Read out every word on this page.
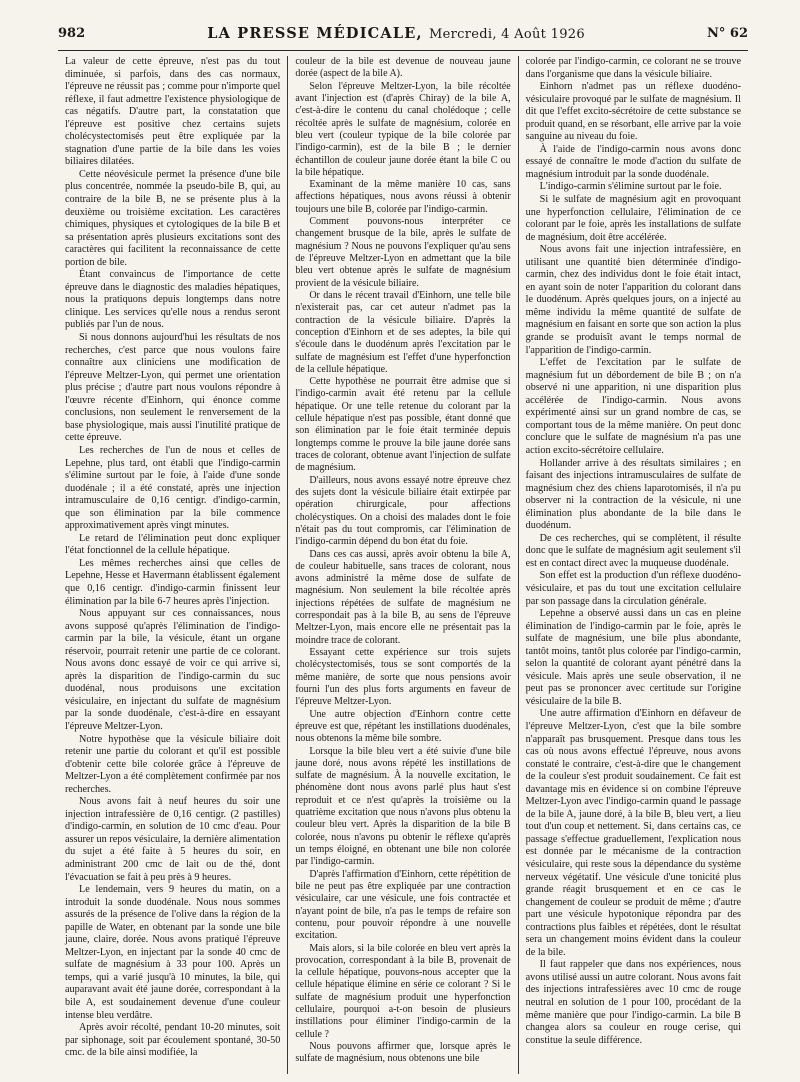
982	LA PRESSE MÉDICALE, Mercredi, 4 Août 1926	N° 62

La valeur de cette épreuve, n'est pas du tout diminuée, si parfois, dans des cas normaux, l'épreuve ne réussit pas ; comme pour n'importe quel réflexe, il faut admettre l'existence physiologique de cas négatifs. D'autre part, la constatation que l'épreuve est positive chez certains sujets cholécystectomisés peut être expliquée par la stagnation d'une partie de la bile dans les voies biliaires dilatées.

Cette néovésicule permet la présence d'une bile plus concentrée, nommée la pseudo-bile B, qui, au contraire de la bile B, ne se présente plus à la deuxième ou troisième excitation. Les caractères chimiques, physiques et cytologiques de la bile B et sa présentation après plusieurs excitations sont des caractères qui facilitent la reconnaissance de cette portion de bile.

Étant convaincus de l'importance de cette épreuve dans le diagnostic des maladies hépatiques, nous la pratiquons depuis longtemps dans notre clinique. Les services qu'elle nous a rendus seront publiés par l'un de nous.

Si nous donnons aujourd'hui les résultats de nos recherches, c'est parce que nous voulons faire connaître aux cliniciens une modification de l'épreuve Meltzer-Lyon, qui permet une orientation plus précise ; d'autre part nous voulons répondre à l'œuvre récente d'Einhorn, qui énonce comme conclusions, non seulement le renversement de la base physiologique, mais aussi l'inutilité pratique de cette épreuve.

Les recherches de l'un de nous et celles de Lepehne, plus tard, ont établi que l'indigo-carmin s'élimine surtout par le foie, à l'aide d'une sonde duodénale ; il a été constaté, après une injection intramusculaire de 0,16 centigr. d'indigo-carmin, que son élimination par la bile commence approximativement après vingt minutes.

Le retard de l'élimination peut donc expliquer l'état fonctionnel de la cellule hépatique.

Les mêmes recherches ainsi que celles de Lepehne, Hesse et Havermann établissent également que 0,16 centigr. d'indigo-carmin finissent leur élimination par la bile 6-7 heures après l'injection.

Nous appuyant sur ces connaissances, nous avons supposé qu'après l'élimination de l'indigo-carmin par la bile, la vésicule, étant un organe réservoir, pourrait retenir une partie de ce colorant. Nous avons donc essayé de voir ce qui arrive si, après la disparition de l'indigo-carmin du suc duodénal, nous produisons une excitation vésiculaire, en injectant du sulfate de magnésium par la sonde duodénale, c'est-à-dire en essayant l'épreuve Meltzer-Lyon.

Notre hypothèse que la vésicule biliaire doit retenir une partie du colorant et qu'il est possible d'obtenir cette bile colorée grâce à l'épreuve de Meltzer-Lyon a été complètement confirmée par nos recherches.

Nous avons fait à neuf heures du soir une injection intrafessière de 0,16 centigr. (2 pastilles) d'indigo-carmin, en solution de 10 cmc d'eau. Pour assurer un repos vésiculaire, la dernière alimentation du sujet a été faite à 5 heures du soir, en administrant 200 cmc de lait ou de thé, dont l'évacuation se fait à peu près à 9 heures.

Le lendemain, vers 9 heures du matin, on a introduit la sonde duodénale. Nous nous sommes assurés de la présence de l'olive dans la région de la papille de Water, en obtenant par la sonde une bile jaune, claire, dorée. Nous avons pratiqué l'épreuve Meltzer-Lyon, en injectant par la sonde 40 cmc de sulfate de magnésium à 33 pour 100. Après un temps, qui a varié jusqu'à 10 minutes, la bile, qui auparavant avait été jaune dorée, correspondant à la bile A, est soudainement devenue d'une couleur intense bleu verdâtre.

Après avoir récolté, pendant 10-20 minutes, soit par siphonage, soit par écoulement spontané, 30-50 cmc. de la bile ainsi modifiée, la

couleur de la bile est devenue de nouveau jaune dorée (aspect de la bile A).

Selon l'épreuve Meltzer-Lyon, la bile récoltée avant l'injection est (d'après Chiray) de la bile A, c'est-à-dire le contenu du canal cholédoque ; celle récoltée après le sulfate de magnésium, colorée en bleu vert (couleur typique de la bile colorée par l'indigo-carmin), est de la bile B ; le dernier échantillon de couleur jaune dorée étant la bile C ou la bile hépatique.

Examinant de la même manière 10 cas, sans affections hépatiques, nous avons réussi à obtenir toujours une bile B, colorée par l'indigo-carmin.

Comment pouvons-nous interpréter ce changement brusque de la bile, après le sulfate de magnésium ? Nous ne pouvons l'expliquer qu'au sens de l'épreuve Meltzer-Lyon en admettant que la bile bleu vert obtenue après le sulfate de magnésium provient de la vésicule biliaire.

Or dans le récent travail d'Einhorn, une telle bile n'existerait pas, car cet auteur n'admet pas la contraction de la vésicule biliaire. D'après la conception d'Einhorn et de ses adeptes, la bile qui s'écoule dans le duodénum après l'excitation par le sulfate de magnésium est l'effet d'une hyperfonction de la cellule hépatique.

Cette hypothèse ne pourrait être admise que si l'indigo-carmin avait été retenu par la cellule hépatique. Or une telle retenue du colorant par la cellule hépatique n'est pas possible, étant donné que son élimination par le foie était terminée depuis longtemps comme le prouve la bile jaune dorée sans traces de colorant, obtenue avant l'injection de sulfate de magnésium.

D'ailleurs, nous avons essayé notre épreuve chez des sujets dont la vésicule biliaire était extirpée par opération chirurgicale, pour affections cholécystiques. On a choisi des malades dont le foie n'était pas du tout compromis, car l'élimination de l'indigo-carmin dépend du bon état du foie.

Dans ces cas aussi, après avoir obtenu la bile A, de couleur habituelle, sans traces de colorant, nous avons administré la même dose de sulfate de magnésium. Non seulement la bile récoltée après injections répétées de sulfate de magnésium ne correspondait pas à la bile B, au sens de l'épreuve Meltzer-Lyon, mais encore elle ne présentait pas la moindre trace de colorant.

Essayant cette expérience sur trois sujets cholécystectomisés, tous se sont comportés de la même manière, de sorte que nous pensions avoir fourni l'un des plus forts arguments en faveur de l'épreuve Meltzer-Lyon.

Une autre objection d'Einhorn contre cette épreuve est que, répétant les instillations duodénales, nous obtenons la même bile sombre.

Lorsque la bile bleu vert a été suivie d'une bile jaune doré, nous avons répété les instillations de sulfate de magnésium. À la nouvelle excitation, le phénomène dont nous avons parlé plus haut s'est reproduit et ce n'est qu'après la troisième ou la quatrième excitation que nous n'avons plus obtenu la couleur bleu vert. Après la disparition de la bile B colorée, nous n'avons pu obtenir le réflexe qu'après un temps éloigné, en obtenant une bile non colorée par l'indigo-carmin.

D'après l'affirmation d'Einhorn, cette répétition de bile ne peut pas être expliquée par une contraction vésiculaire, car une vésicule, une fois contractée et n'ayant point de bile, n'a pas le temps de refaire son contenu, pour pouvoir répondre à une nouvelle excitation.

Mais alors, si la bile colorée en bleu vert après la provocation, correspondant à la bile B, provenait de la cellule hépatique, pouvons-nous accepter que la cellule hépatique élimine en série ce colorant ? Si le sulfate de magnésium produit une hyperfonction cellulaire, pourquoi a-t-on besoin de plusieurs instillations pour éliminer l'indigo-carmin de la cellule ?

Nous pouvons affirmer que, lorsque après le sulfate de magnésium, nous obtenons une bile

colorée par l'indigo-carmin, ce colorant ne se trouve dans l'organisme que dans la vésicule biliaire.

Einhorn n'admet pas un réflexe duodéno-vésiculaire provoqué par le sulfate de magnésium. Il dit que l'effet excito-sécrétoire de cette substance se produit quand, en se résorbant, elle arrive par la voie sanguine au niveau du foie.

À l'aide de l'indigo-carmin nous avons donc essayé de connaître le mode d'action du sulfate de magnésium introduit par la sonde duodénale.

L'indigo-carmin s'élimine surtout par le foie.

Si le sulfate de magnésium agit en provoquant une hyperfonction cellulaire, l'élimination de ce colorant par le foie, après les installations de sulfate de magnésium, doit être accélérée.

Nous avons fait une injection intrafessière, en utilisant une quantité bien déterminée d'indigo-carmin, chez des individus dont le foie était intact, en ayant soin de noter l'apparition du colorant dans le duodénum. Après quelques jours, on a injecté au même individu la même quantité de sulfate de magnésium en faisant en sorte que son action la plus grande se produisît avant le temps normal de l'apparition de l'indigo-carmin.

L'effet de l'excitation par le sulfate de magnésium fut un débordement de bile B ; on n'a observé ni une apparition, ni une disparition plus accélérée de l'indigo-carmin. Nous avons expérimenté ainsi sur un grand nombre de cas, se comportant tous de la même manière. On peut donc conclure que le sulfate de magnésium n'a pas une action excito-sécrétoire cellulaire.

Hollander arrive à des résultats similaires ; en faisant des injections intramusculaires de sulfate de magnésium chez des chiens laparotomisés, il n'a pu observer ni la contraction de la vésicule, ni une élimination plus abondante de la bile dans le duodénum.

De ces recherches, qui se complètent, il résulte donc que le sulfate de magnésium agit seulement s'il est en contact direct avec la muqueuse duodénale.

Son effet est la production d'un réflexe duodéno-vésiculaire, et pas du tout une excitation cellulaire par son passage dans la circulation générale.

Lepehne a observé aussi dans un cas en pleine élimination de l'indigo-carmin par le foie, après le sulfate de magnésium, une bile plus abondante, tantôt moins, tantôt plus colorée par l'indigo-carmin, selon la quantité de colorant ayant pénétré dans la vésicule. Mais après une seule observation, il ne peut pas se prononcer avec certitude sur l'origine vésiculaire de la bile B.

Une autre affirmation d'Einhorn en défaveur de l'épreuve Meltzer-Lyon, c'est que la bile sombre n'apparaît pas brusquement. Presque dans tous les cas où nous avons effectué l'épreuve, nous avons constaté le contraire, c'est-à-dire que le changement de la couleur s'est produit soudainement. Ce fait est davantage mis en évidence si on combine l'épreuve Meltzer-Lyon avec l'indigo-carmin quand le passage de la bile A, jaune doré, à la bile B, bleu vert, a lieu tout d'un coup et nettement. Si, dans certains cas, ce passage s'effectue graduellement, l'explication nous est donnée par le mécanisme de la contraction vésiculaire, qui reste sous la dépendance du système nerveux végétatif. Une vésicule d'une tonicité plus grande réagit brusquement et en ce cas le changement de couleur se produit de même ; d'autre part une vésicule hypotonique répondra par des contractions plus faibles et répétées, dont le résultat sera un changement moins évident dans la couleur de la bile.

Il faut rappeler que dans nos expériences, nous avons utilisé aussi un autre colorant. Nous avons fait des injections intrafessières avec 10 cmc de rouge neutral en solution de 1 pour 100, procédant de la même manière que pour l'indigo-carmin. La bile B changea alors sa couleur en rouge cerise, qui constitue la seule différence.
